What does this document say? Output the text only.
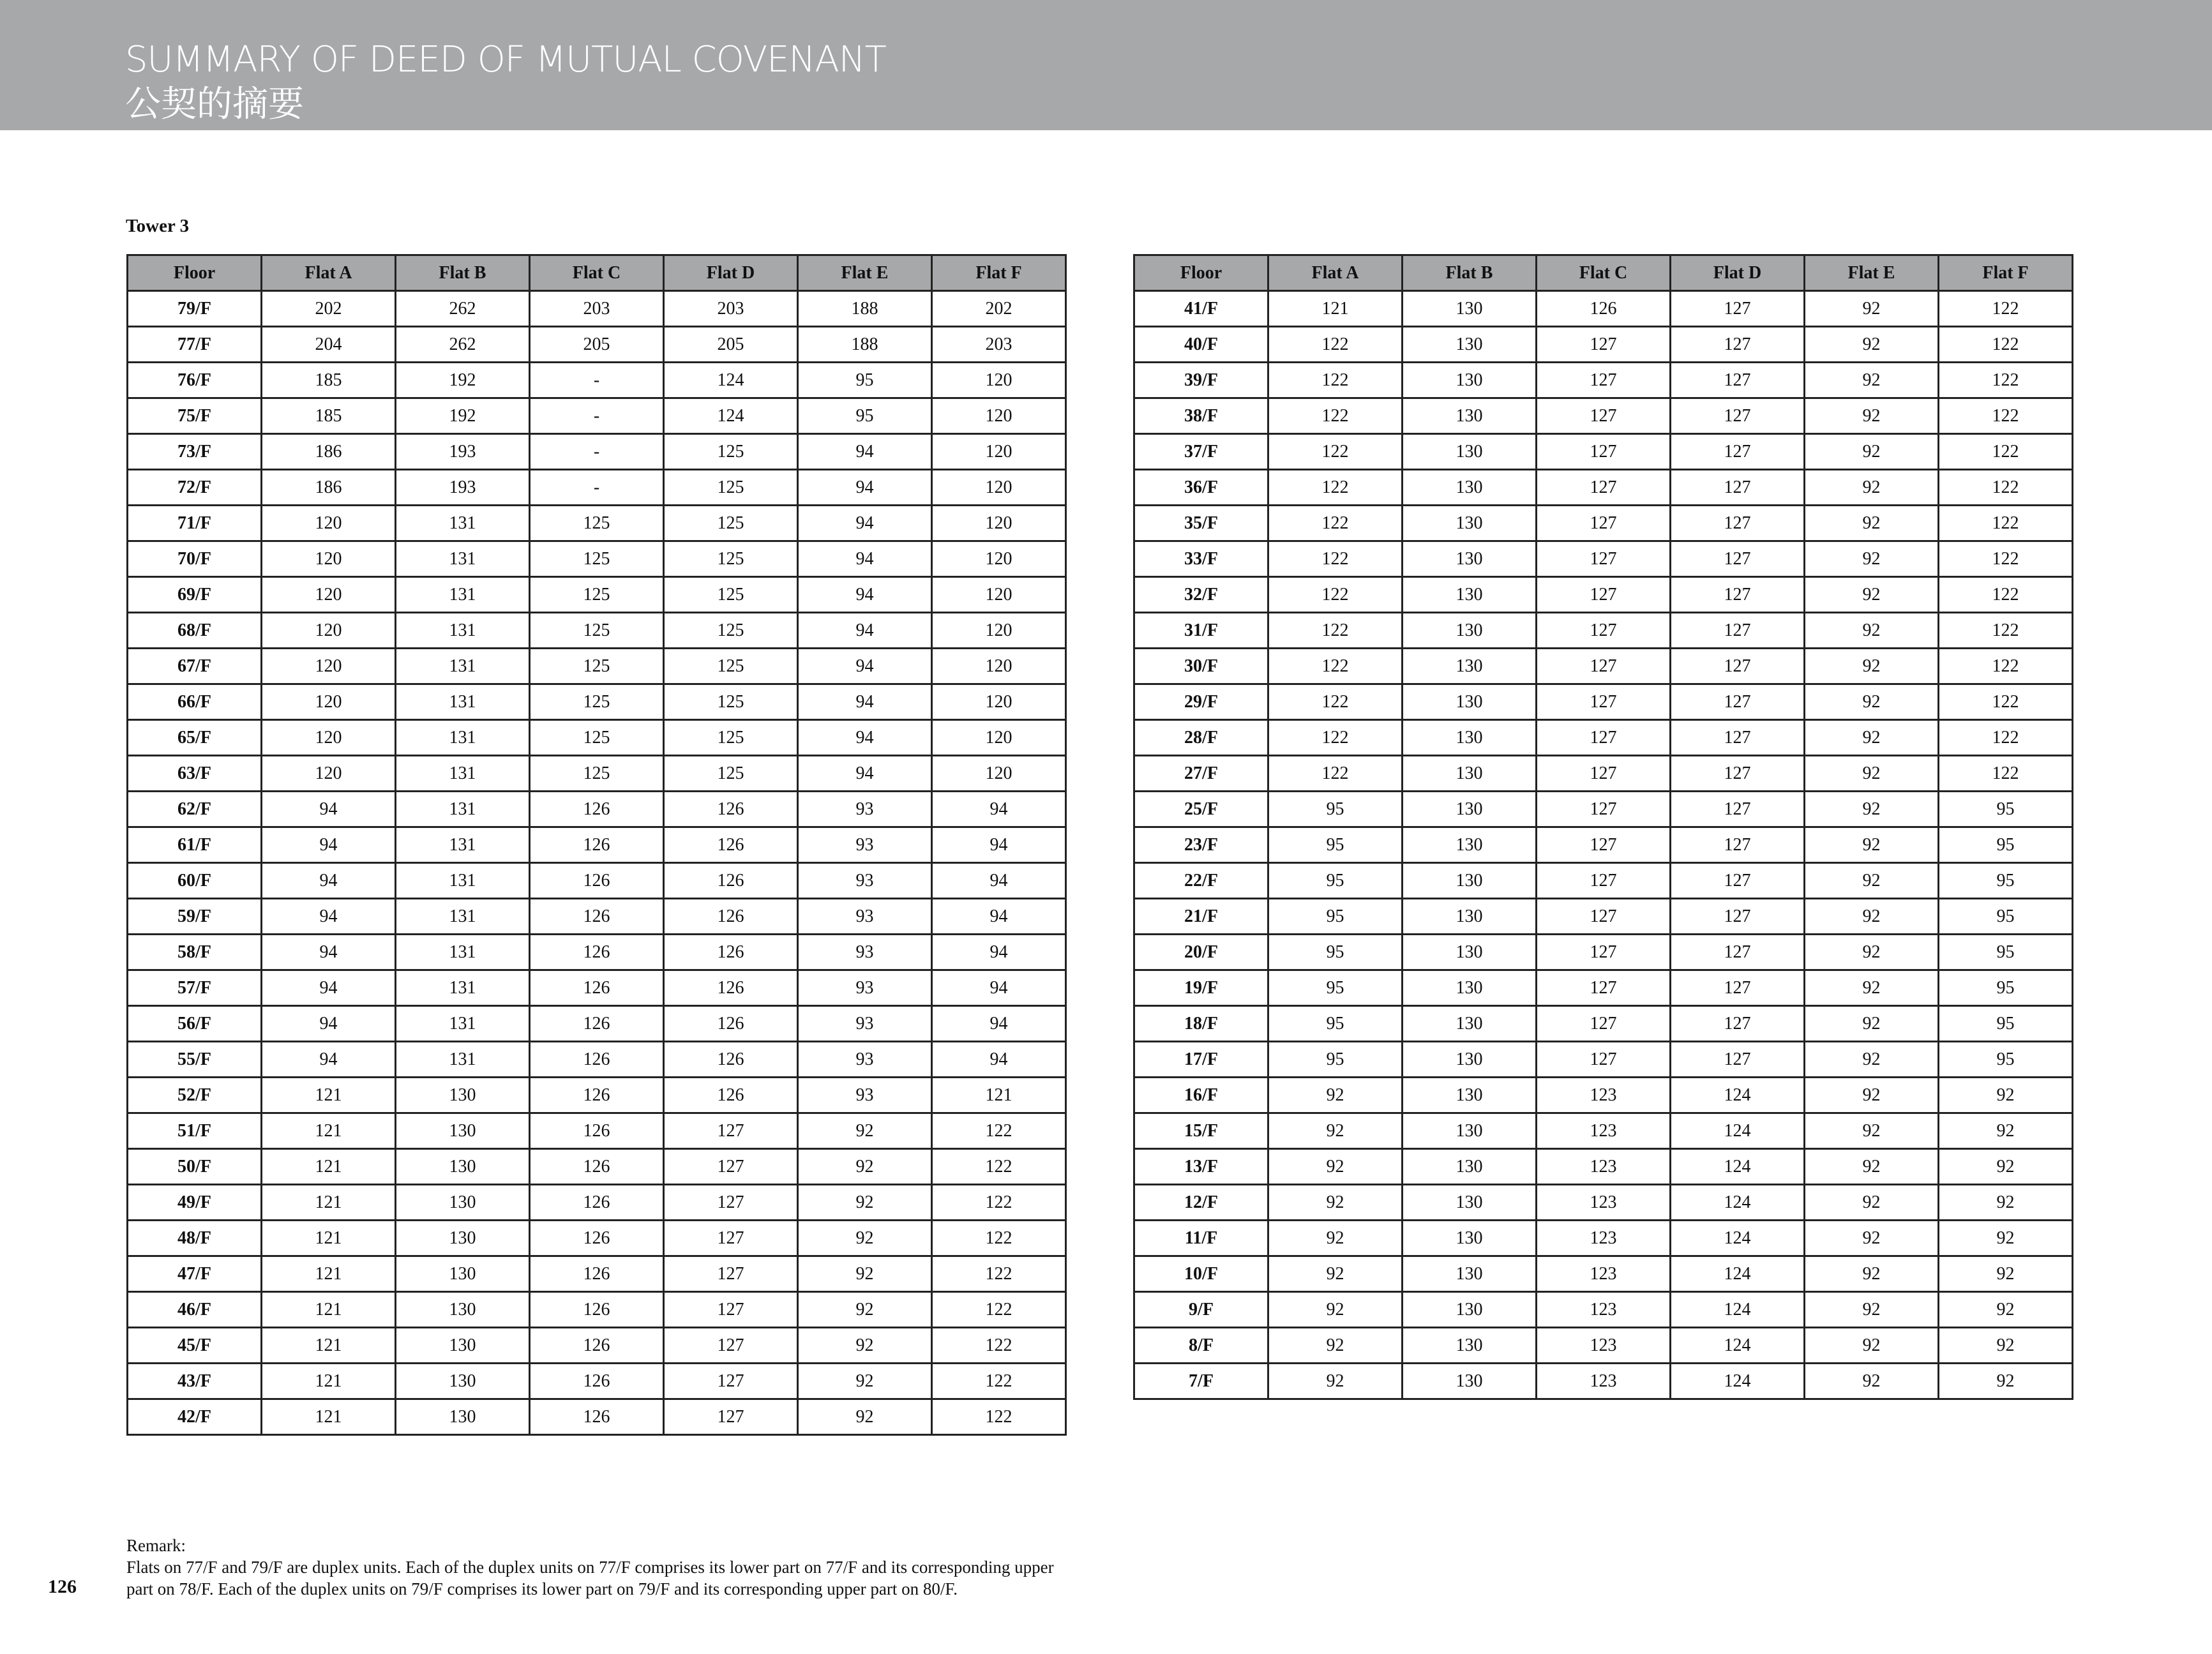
SUMMARY OF DEED OF MUTUAL COVENANT
公契的摘要
Tower 3
Floor	Flat A	Flat B	Flat C	Flat D	Flat E	Flat F
79/F	202	262	203	203	188	202
77/F	204	262	205	205	188	203
76/F	185	192	-	124	95	120
75/F	185	192	-	124	95	120
73/F	186	193	-	125	94	120
72/F	186	193	-	125	94	120
71/F	120	131	125	125	94	120
70/F	120	131	125	125	94	120
69/F	120	131	125	125	94	120
68/F	120	131	125	125	94	120
67/F	120	131	125	125	94	120
66/F	120	131	125	125	94	120
65/F	120	131	125	125	94	120
63/F	120	131	125	125	94	120
62/F	94	131	126	126	93	94
61/F	94	131	126	126	93	94
60/F	94	131	126	126	93	94
59/F	94	131	126	126	93	94
58/F	94	131	126	126	93	94
57/F	94	131	126	126	93	94
56/F	94	131	126	126	93	94
55/F	94	131	126	126	93	94
52/F	121	130	126	126	93	121
51/F	121	130	126	127	92	122
50/F	121	130	126	127	92	122
49/F	121	130	126	127	92	122
48/F	121	130	126	127	92	122
47/F	121	130	126	127	92	122
46/F	121	130	126	127	92	122
45/F	121	130	126	127	92	122
43/F	121	130	126	127	92	122
42/F	121	130	126	127	92	122
Floor	Flat A	Flat B	Flat C	Flat D	Flat E	Flat F
41/F	121	130	126	127	92	122
40/F	122	130	127	127	92	122
39/F	122	130	127	127	92	122
38/F	122	130	127	127	92	122
37/F	122	130	127	127	92	122
36/F	122	130	127	127	92	122
35/F	122	130	127	127	92	122
33/F	122	130	127	127	92	122
32/F	122	130	127	127	92	122
31/F	122	130	127	127	92	122
30/F	122	130	127	127	92	122
29/F	122	130	127	127	92	122
28/F	122	130	127	127	92	122
27/F	122	130	127	127	92	122
25/F	95	130	127	127	92	95
23/F	95	130	127	127	92	95
22/F	95	130	127	127	92	95
21/F	95	130	127	127	92	95
20/F	95	130	127	127	92	95
19/F	95	130	127	127	92	95
18/F	95	130	127	127	92	95
17/F	95	130	127	127	92	95
16/F	92	130	123	124	92	92
15/F	92	130	123	124	92	92
13/F	92	130	123	124	92	92
12/F	92	130	123	124	92	92
11/F	92	130	123	124	92	92
10/F	92	130	123	124	92	92
9/F	92	130	123	124	92	92
8/F	92	130	123	124	92	92
7/F	92	130	123	124	92	92
Remark:
Flats on 77/F and 79/F are duplex units. Each of the duplex units on 77/F comprises its lower part on 77/F and its corresponding upper
part on 78/F. Each of the duplex units on 79/F comprises its lower part on 79/F and its corresponding upper part on 80/F.
126
